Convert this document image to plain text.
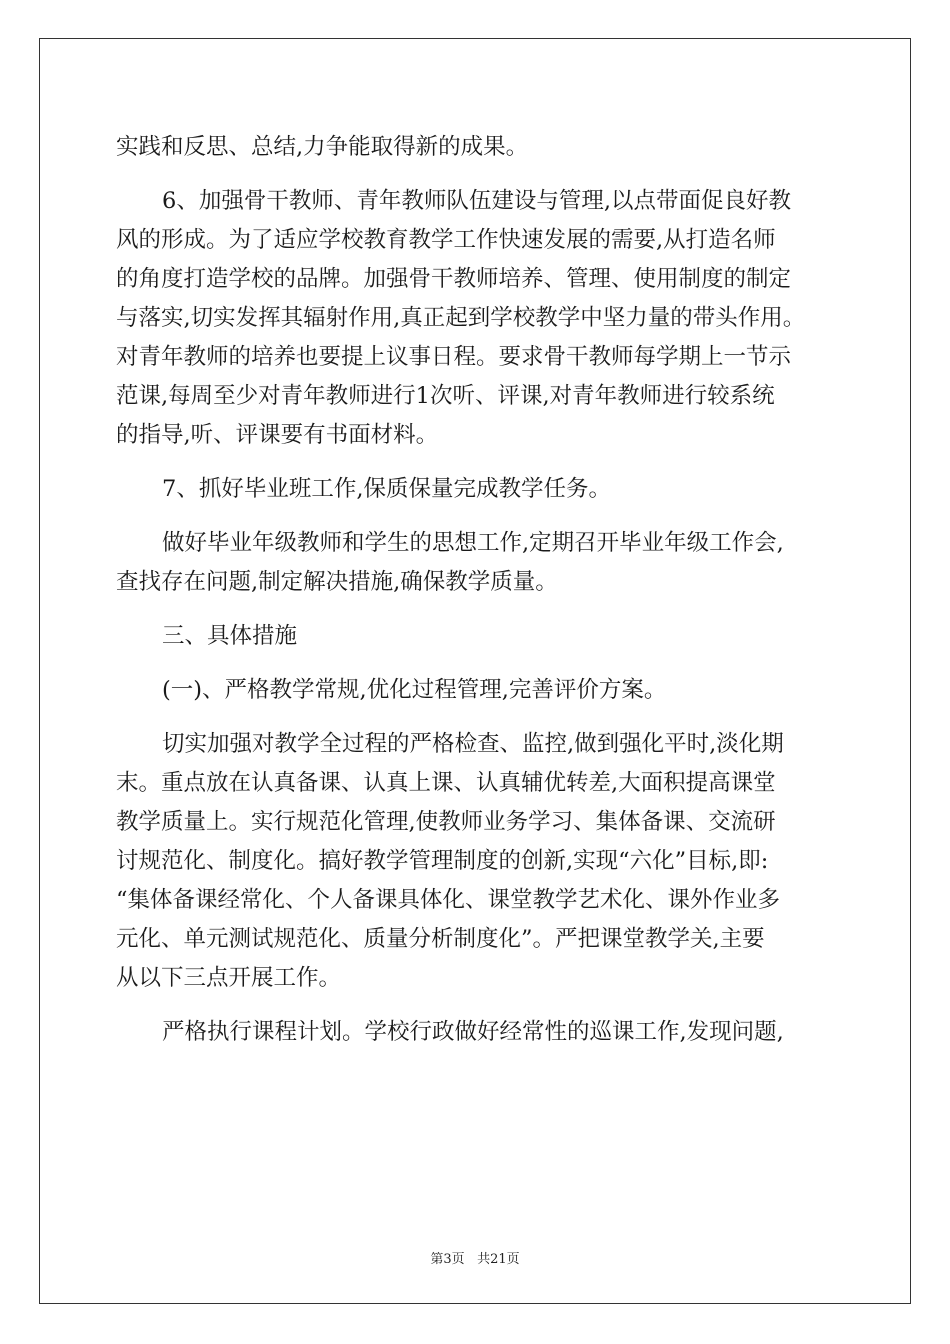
实践和反思、总结,力争能取得新的成果。

6、加强骨干教师、青年教师队伍建设与管理,以点带面促良好教
风的形成。为了适应学校教育教学工作快速发展的需要,从打造名师
的角度打造学校的品牌。加强骨干教师培养、管理、使用制度的制定
与落实,切实发挥其辐射作用,真正起到学校教学中坚力量的带头作用。
对青年教师的培养也要提上议事日程。要求骨干教师每学期上一节示
范课,每周至少对青年教师进行1次听、评课,对青年教师进行较系统
的指导,听、评课要有书面材料。

7、抓好毕业班工作,保质保量完成教学任务。

做好毕业年级教师和学生的思想工作,定期召开毕业年级工作会,
查找存在问题,制定解决措施,确保教学质量。

三、具体措施

(一)、严格教学常规,优化过程管理,完善评价方案。

切实加强对教学全过程的严格检查、监控,做到强化平时,淡化期
末。重点放在认真备课、认真上课、认真辅优转差,大面积提高课堂
教学质量上。实行规范化管理,使教师业务学习、集体备课、交流研
讨规范化、制度化。搞好教学管理制度的创新,实现“六化”目标,即:
“集体备课经常化、个人备课具体化、课堂教学艺术化、课外作业多
元化、单元测试规范化、质量分析制度化”。严把课堂教学关,主要
从以下三点开展工作。

严格执行课程计划。学校行政做好经常性的巡课工作,发现问题,

第3页 共21页
